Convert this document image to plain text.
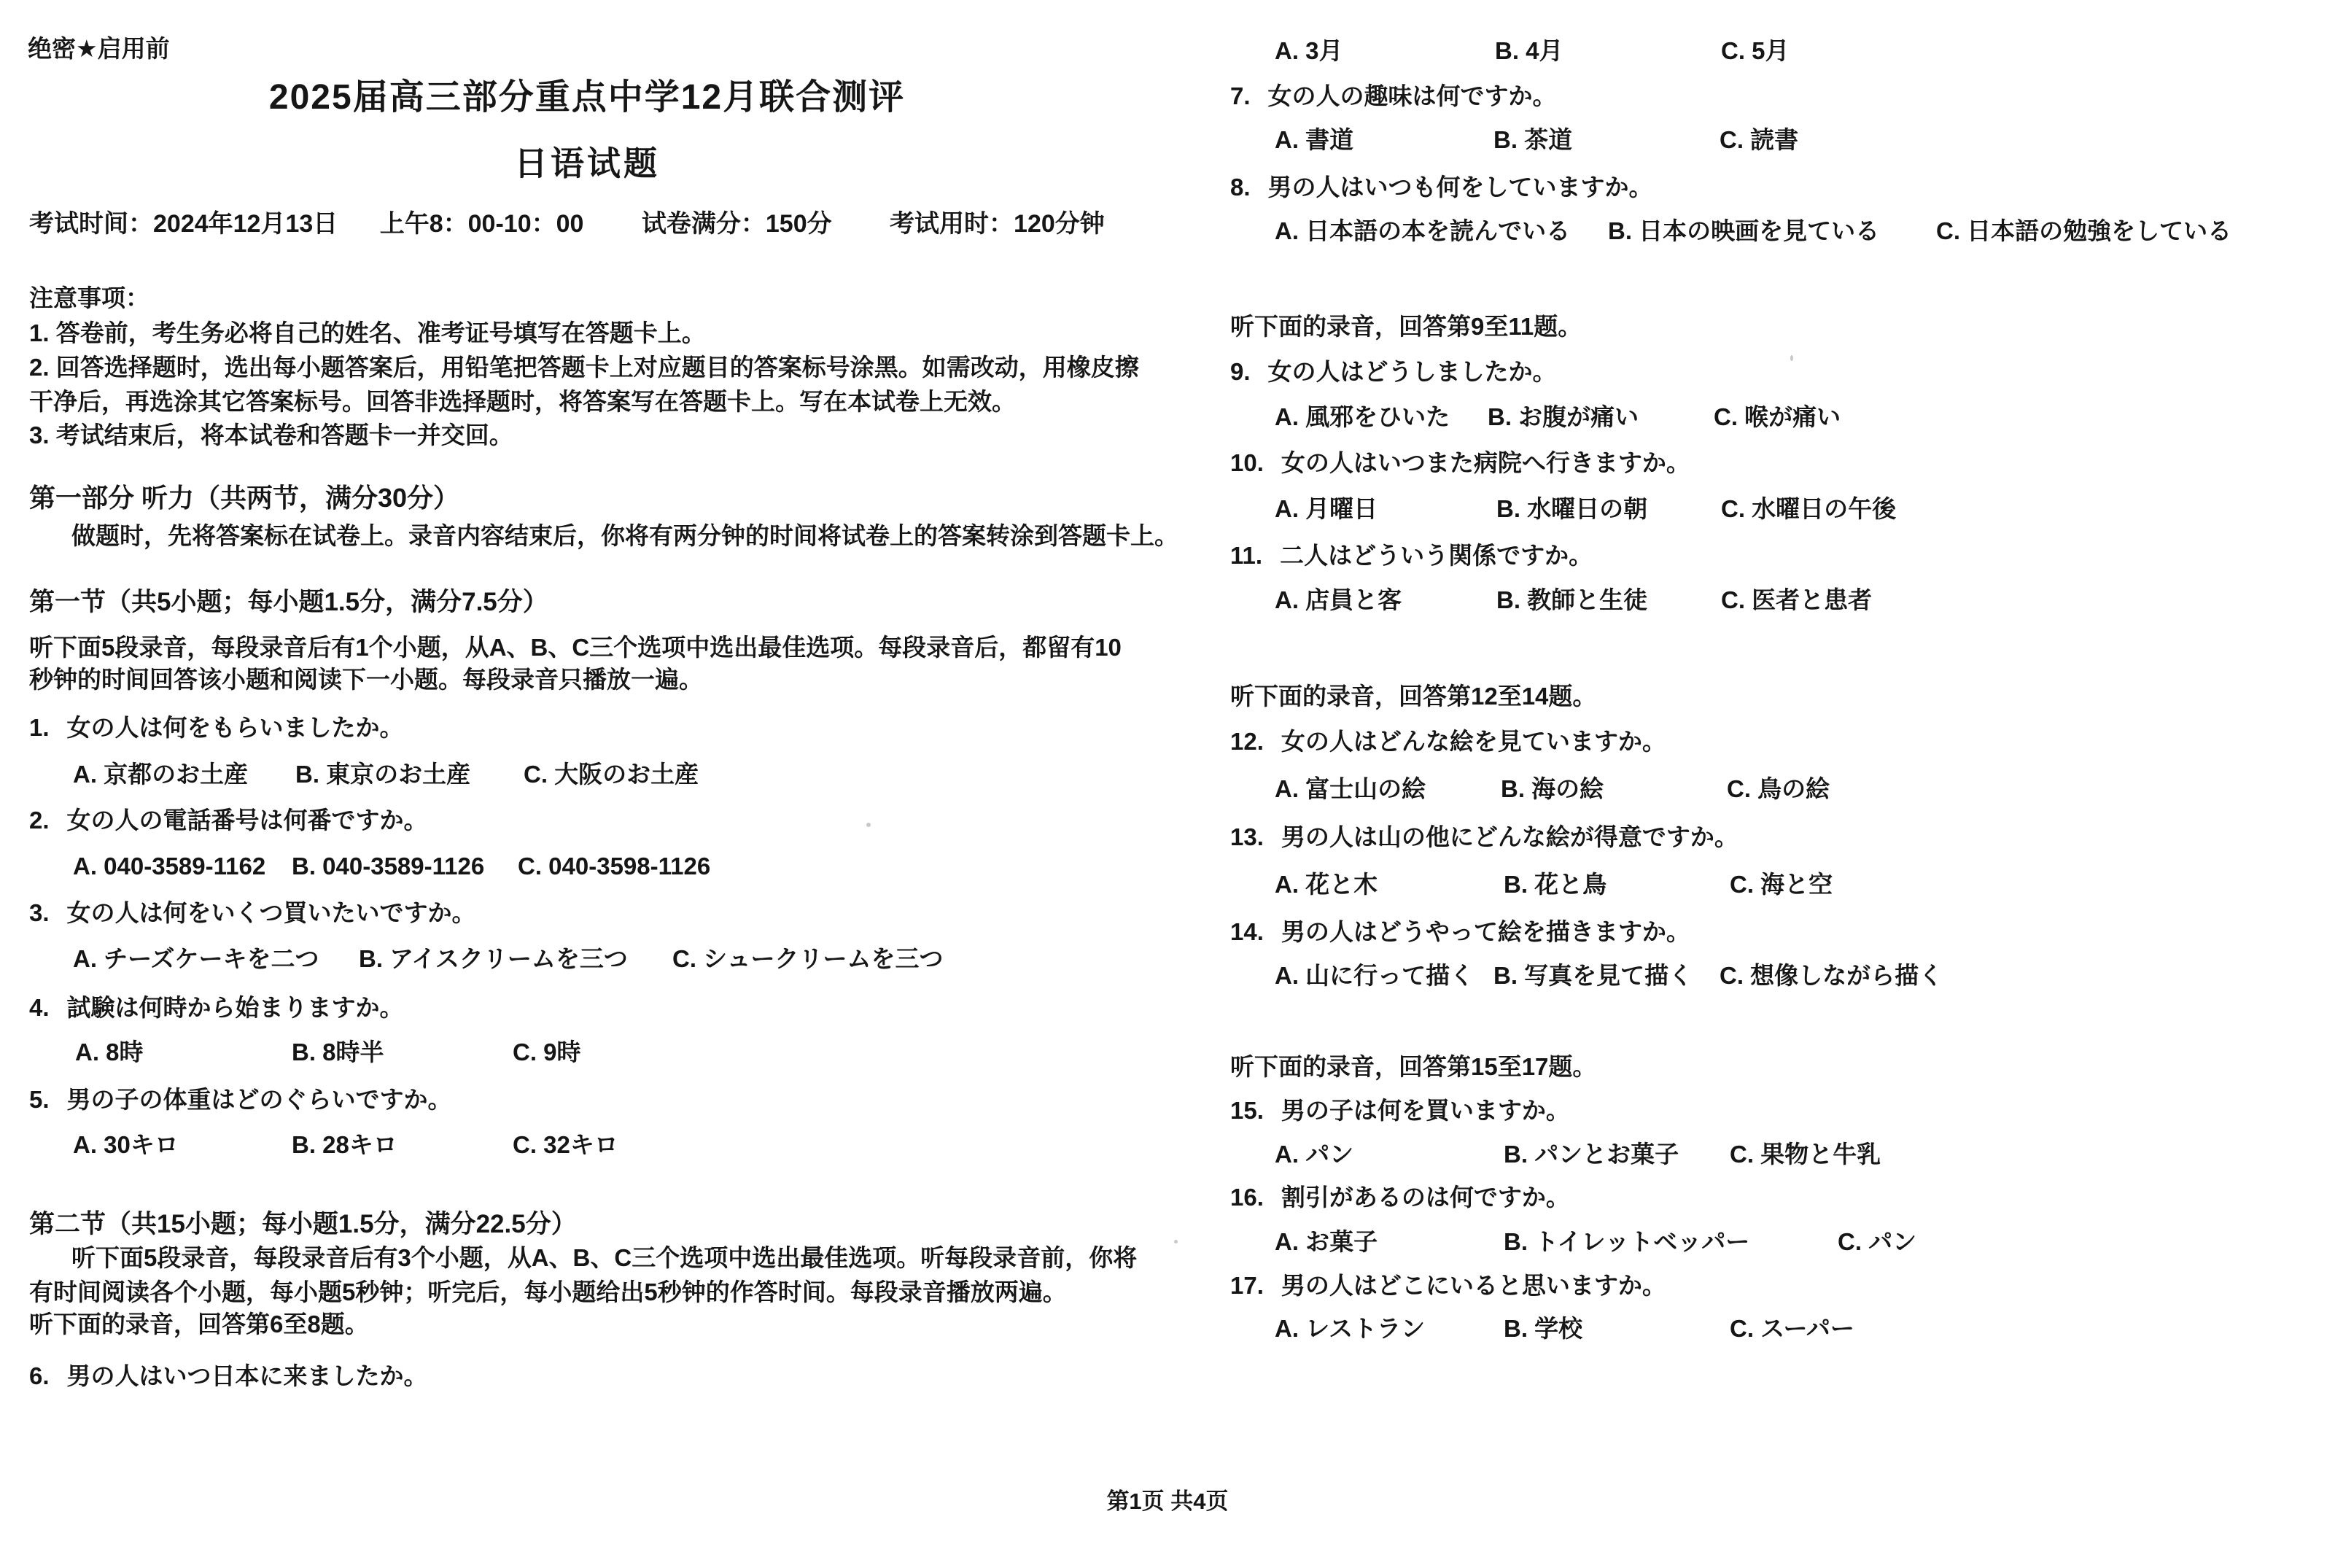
绝密★启用前
2025届高三部分重点中学12月联合测评
日语试题
考试时间：2024年12月13日 上午8：00-10：00 试卷满分：150分 考试用时：120分钟
注意事项：
1. 答卷前，考生务必将自己的姓名、准考证号填写在答题卡上。
2. 回答选择题时，选出每小题答案后，用铅笔把答题卡上对应题目的答案标号涂黑。如需改动，用橡皮擦
干净后，再选涂其它答案标号。回答非选择题时，将答案写在答题卡上。写在本试卷上无效。
3. 考试结束后，将本试卷和答题卡一并交回。
第一部分 听力（共两节，满分30分）
做题时，先将答案标在试卷上。录音内容结束后，你将有两分钟的时间将试卷上的答案转涂到答题卡上。
第一节（共5小题；每小题1.5分，满分7.5分）
听下面5段录音，每段录音后有1个小题，从A、B、C三个选项中选出最佳选项。每段录音后，都留有10
秒钟的时间回答该小题和阅读下一小题。每段录音只播放一遍。
1. 女の人は何をもらいましたか。
A. 京都のお土産 B. 東京のお土産 C. 大阪のお土産
2. 女の人の電話番号は何番ですか。
A. 040-3589-1162 B. 040-3589-1126 C. 040-3598-1126
3. 女の人は何をいくつ買いたいですか。
A. チーズケーキを二つ B. アイスクリームを三つ C. シュークリームを三つ
4. 試験は何時から始まりますか。
A. 8時	B. 8時半	C. 9時
5. 男の子の体重はどのぐらいですか。
A. 30キロ	B. 28キロ	C. 32キロ
第二节（共15小题；每小题1.5分，满分22.5分）
听下面5段录音，每段录音后有3个小题，从A、B、C三个选项中选出最佳选项。听每段录音前，你将
有时间阅读各个小题，每小题5秒钟；听完后，每小题给出5秒钟的作答时间。每段录音播放两遍。
听下面的录音，回答第6至8题。
6. 男の人はいつ日本に来ましたか。
A. 3月	B. 4月	C. 5月
7. 女の人の趣味は何ですか。
A. 書道	B. 茶道	C. 読書
8. 男の人はいつも何をしていますか。
A. 日本語の本を読んでいる B. 日本の映画を見ている C. 日本語の勉強をしている
听下面的录音，回答第9至11题。
9. 女の人はどうしましたか。
A. 風邪をひいた B. お腹が痛い	C. 喉が痛い
10. 女の人はいつまた病院へ行きますか。
A. 月曜日	B. 水曜日の朝	C. 水曜日の午後
11. 二人はどういう関係ですか。
A. 店員と客	B. 教師と生徒	C. 医者と患者
听下面的录音，回答第12至14题。
12. 女の人はどんな絵を見ていますか。
A. 富士山の絵	B. 海の絵	C. 鳥の絵
13. 男の人は山の他にどんな絵が得意ですか。
A. 花と木	B. 花と鳥	C. 海と空
14. 男の人はどうやって絵を描きますか。
A. 山に行って描く B. 写真を見て描く C. 想像しながら描く
听下面的录音，回答第15至17题。
15. 男の子は何を買いますか。
A. パン	B. パンとお菓子 C. 果物と牛乳
16. 割引があるのは何ですか。
A. お菓子	B. トイレットベッパー	C. パン
17. 男の人はどこにいると思いますか。
A. レストラン	B. 学校	C. スーパー
第1页 共4页
